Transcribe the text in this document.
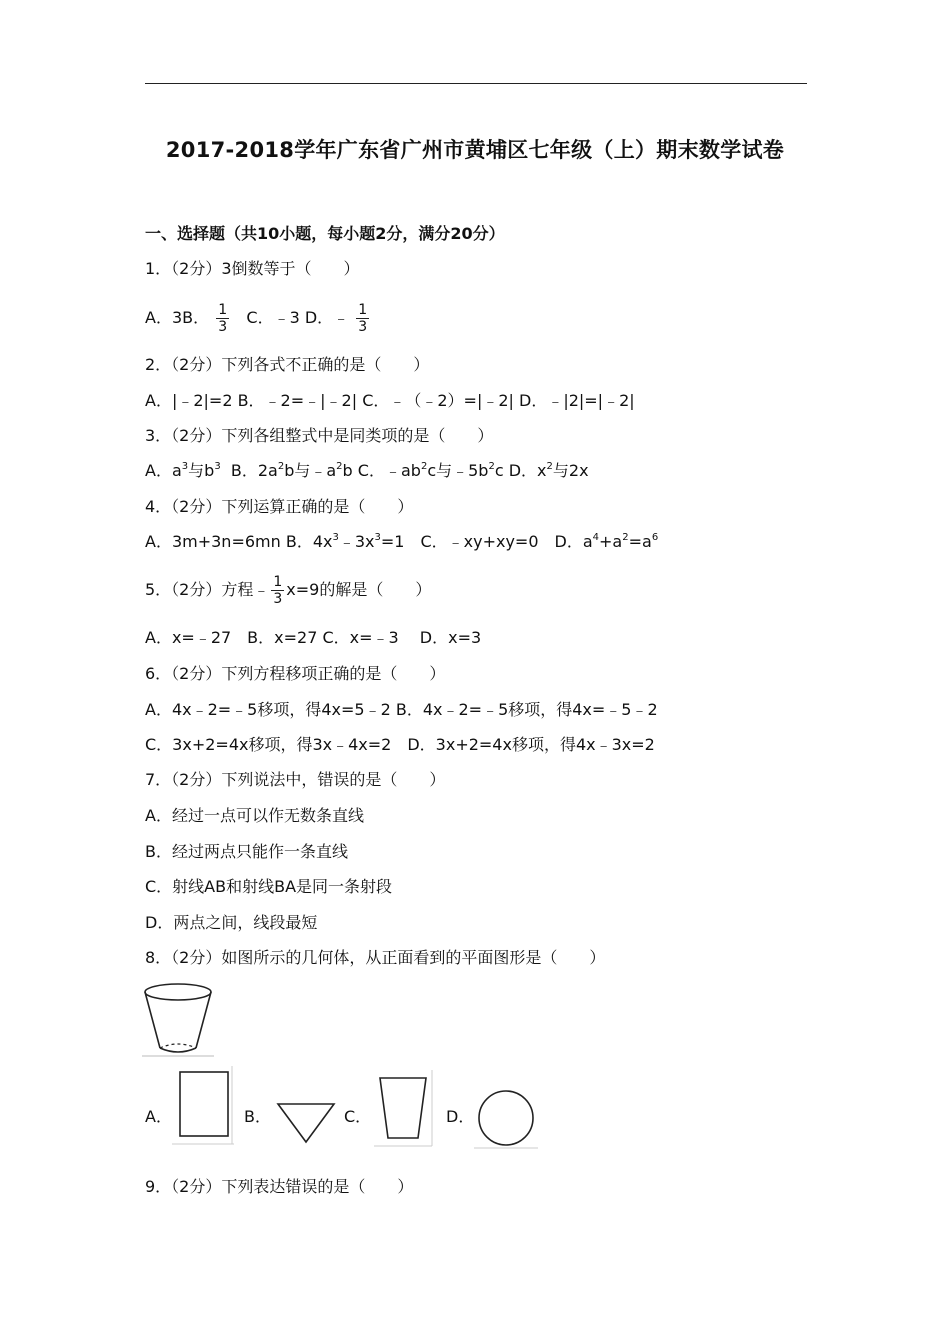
2017-2018学年广东省广州市黄埔区七年级（上）期末数学试卷
一、选择题（共10小题，每小题2分，满分20分）
1．（2分）3倒数等于（　　）
A．3B． $\frac{1}{3}$ C．﹣3 D．﹣ $\frac{1}{3}$
2．（2分）下列各式不正确的是（　　）
A．|﹣2|=2 B．﹣2=﹣|﹣2| C．﹣（﹣2）=|﹣2| D．﹣|2|=|﹣2|
3．（2分）下列各组整式中是同类项的是（　　）
A．$a^3$与$b^3$ B．$2a^2b$与$﹣a^2b$ C．$﹣ab^2c$与$﹣5b^2c$ D．$x^2$与2x
4．（2分）下列运算正确的是（　　）
A．3m+3n=6mn B．$4x^3﹣3x^3=1$　C．﹣xy+xy=0　D．$a^4+a^2=a^6$
5．（2分）方程﹣ $\frac{1}{3} x=9$的解是（　　）
A．x=﹣27　B．x=27 C．x=﹣3　 D．x=3
6．（2分）下列方程移项正确的是（　　）
A．4x﹣2=﹣5移项，得4x=5﹣2 B．4x﹣2=﹣5移项，得4x=﹣5﹣2
C．3x+2=4x移项，得3x﹣4x=2　D．3x+2=4x移项，得4x﹣3x=2
7．（2分）下列说法中，错误的是（　　）
A．经过一点可以作无数条直线
B．经过两点只能作一条直线
C．射线AB和射线BA是同一条射段
D．两点之间，线段最短
8．（2分）如图所示的几何体，从正面看到的平面图形是（　　）
A．	B．	C．	D．
9．（2分）下列表达错误的是（　　）
